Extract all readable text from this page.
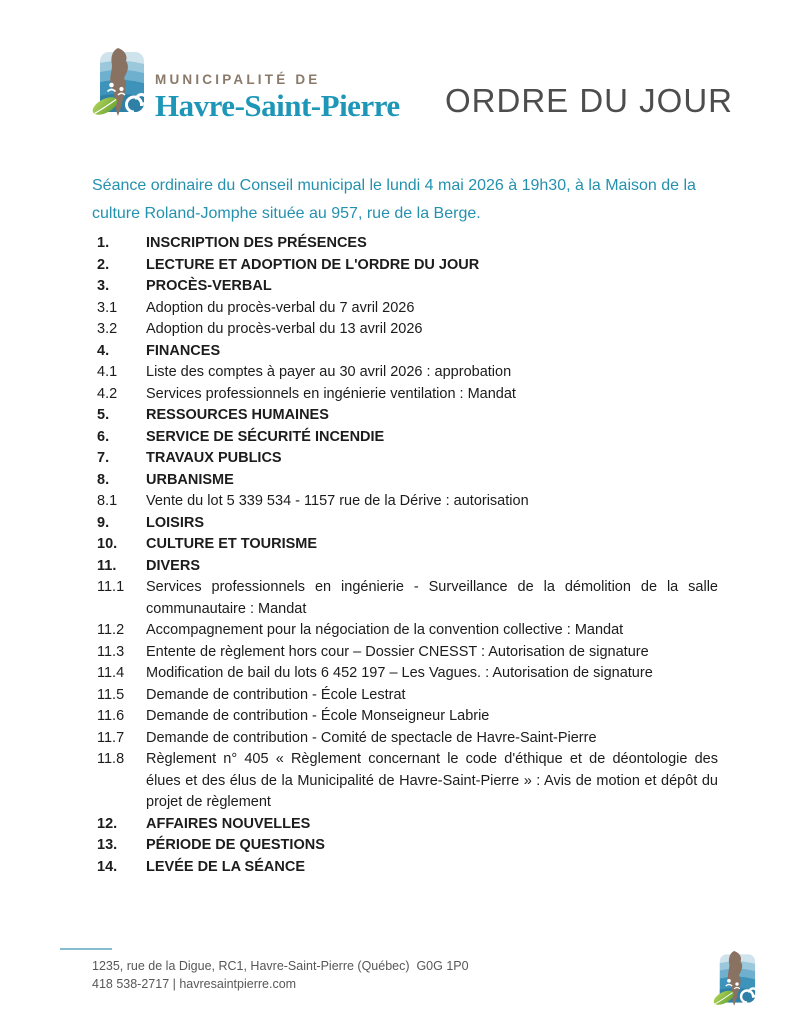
MUNICIPALITÉ DE
Havre-Saint-Pierre ORDRE DU JOUR

Séance ordinaire du Conseil municipal le lundi 4 mai 2026 à 19h30, à la Maison de la culture Roland-Jomphe située au 957, rue de la Berge.

1.	INSCRIPTION DES PRÉSENCES
2.	LECTURE ET ADOPTION DE L'ORDRE DU JOUR
3.	PROCÈS-VERBAL
3.1	Adoption du procès-verbal du 7 avril 2026
3.2	Adoption du procès-verbal du 13 avril 2026
4.	FINANCES
4.1	Liste des comptes à payer au 30 avril 2026 : approbation
4.2	Services professionnels en ingénierie ventilation : Mandat
5.	RESSOURCES HUMAINES
6.	SERVICE DE SÉCURITÉ INCENDIE
7.	TRAVAUX PUBLICS
8.	URBANISME
8.1	Vente du lot 5 339 534 - 1157 rue de la Dérive : autorisation
9.	LOISIRS
10.	CULTURE ET TOURISME
11.	DIVERS
11.1	Services professionnels en ingénierie - Surveillance de la démolition de la salle communautaire : Mandat
11.2	Accompagnement pour la négociation de la convention collective : Mandat
11.3	Entente de règlement hors cour – Dossier CNESST : Autorisation de signature
11.4	Modification de bail du lots 6 452 197 – Les Vagues. : Autorisation de signature
11.5	Demande de contribution - École Lestrat
11.6	Demande de contribution - École Monseigneur Labrie
11.7	Demande de contribution - Comité de spectacle de Havre-Saint-Pierre
11.8	Règlement n° 405 « Règlement concernant le code d'éthique et de déontologie des élues et des élus de la Municipalité de Havre-Saint-Pierre » : Avis de motion et dépôt du projet de règlement
12.	AFFAIRES NOUVELLES
13.	PÉRIODE DE QUESTIONS
14.	LEVÉE DE LA SÉANCE
1235, rue de la Digue, RC1, Havre-Saint-Pierre (Québec)  G0G 1P0
418 538-2717 | havresaintpierre.com
